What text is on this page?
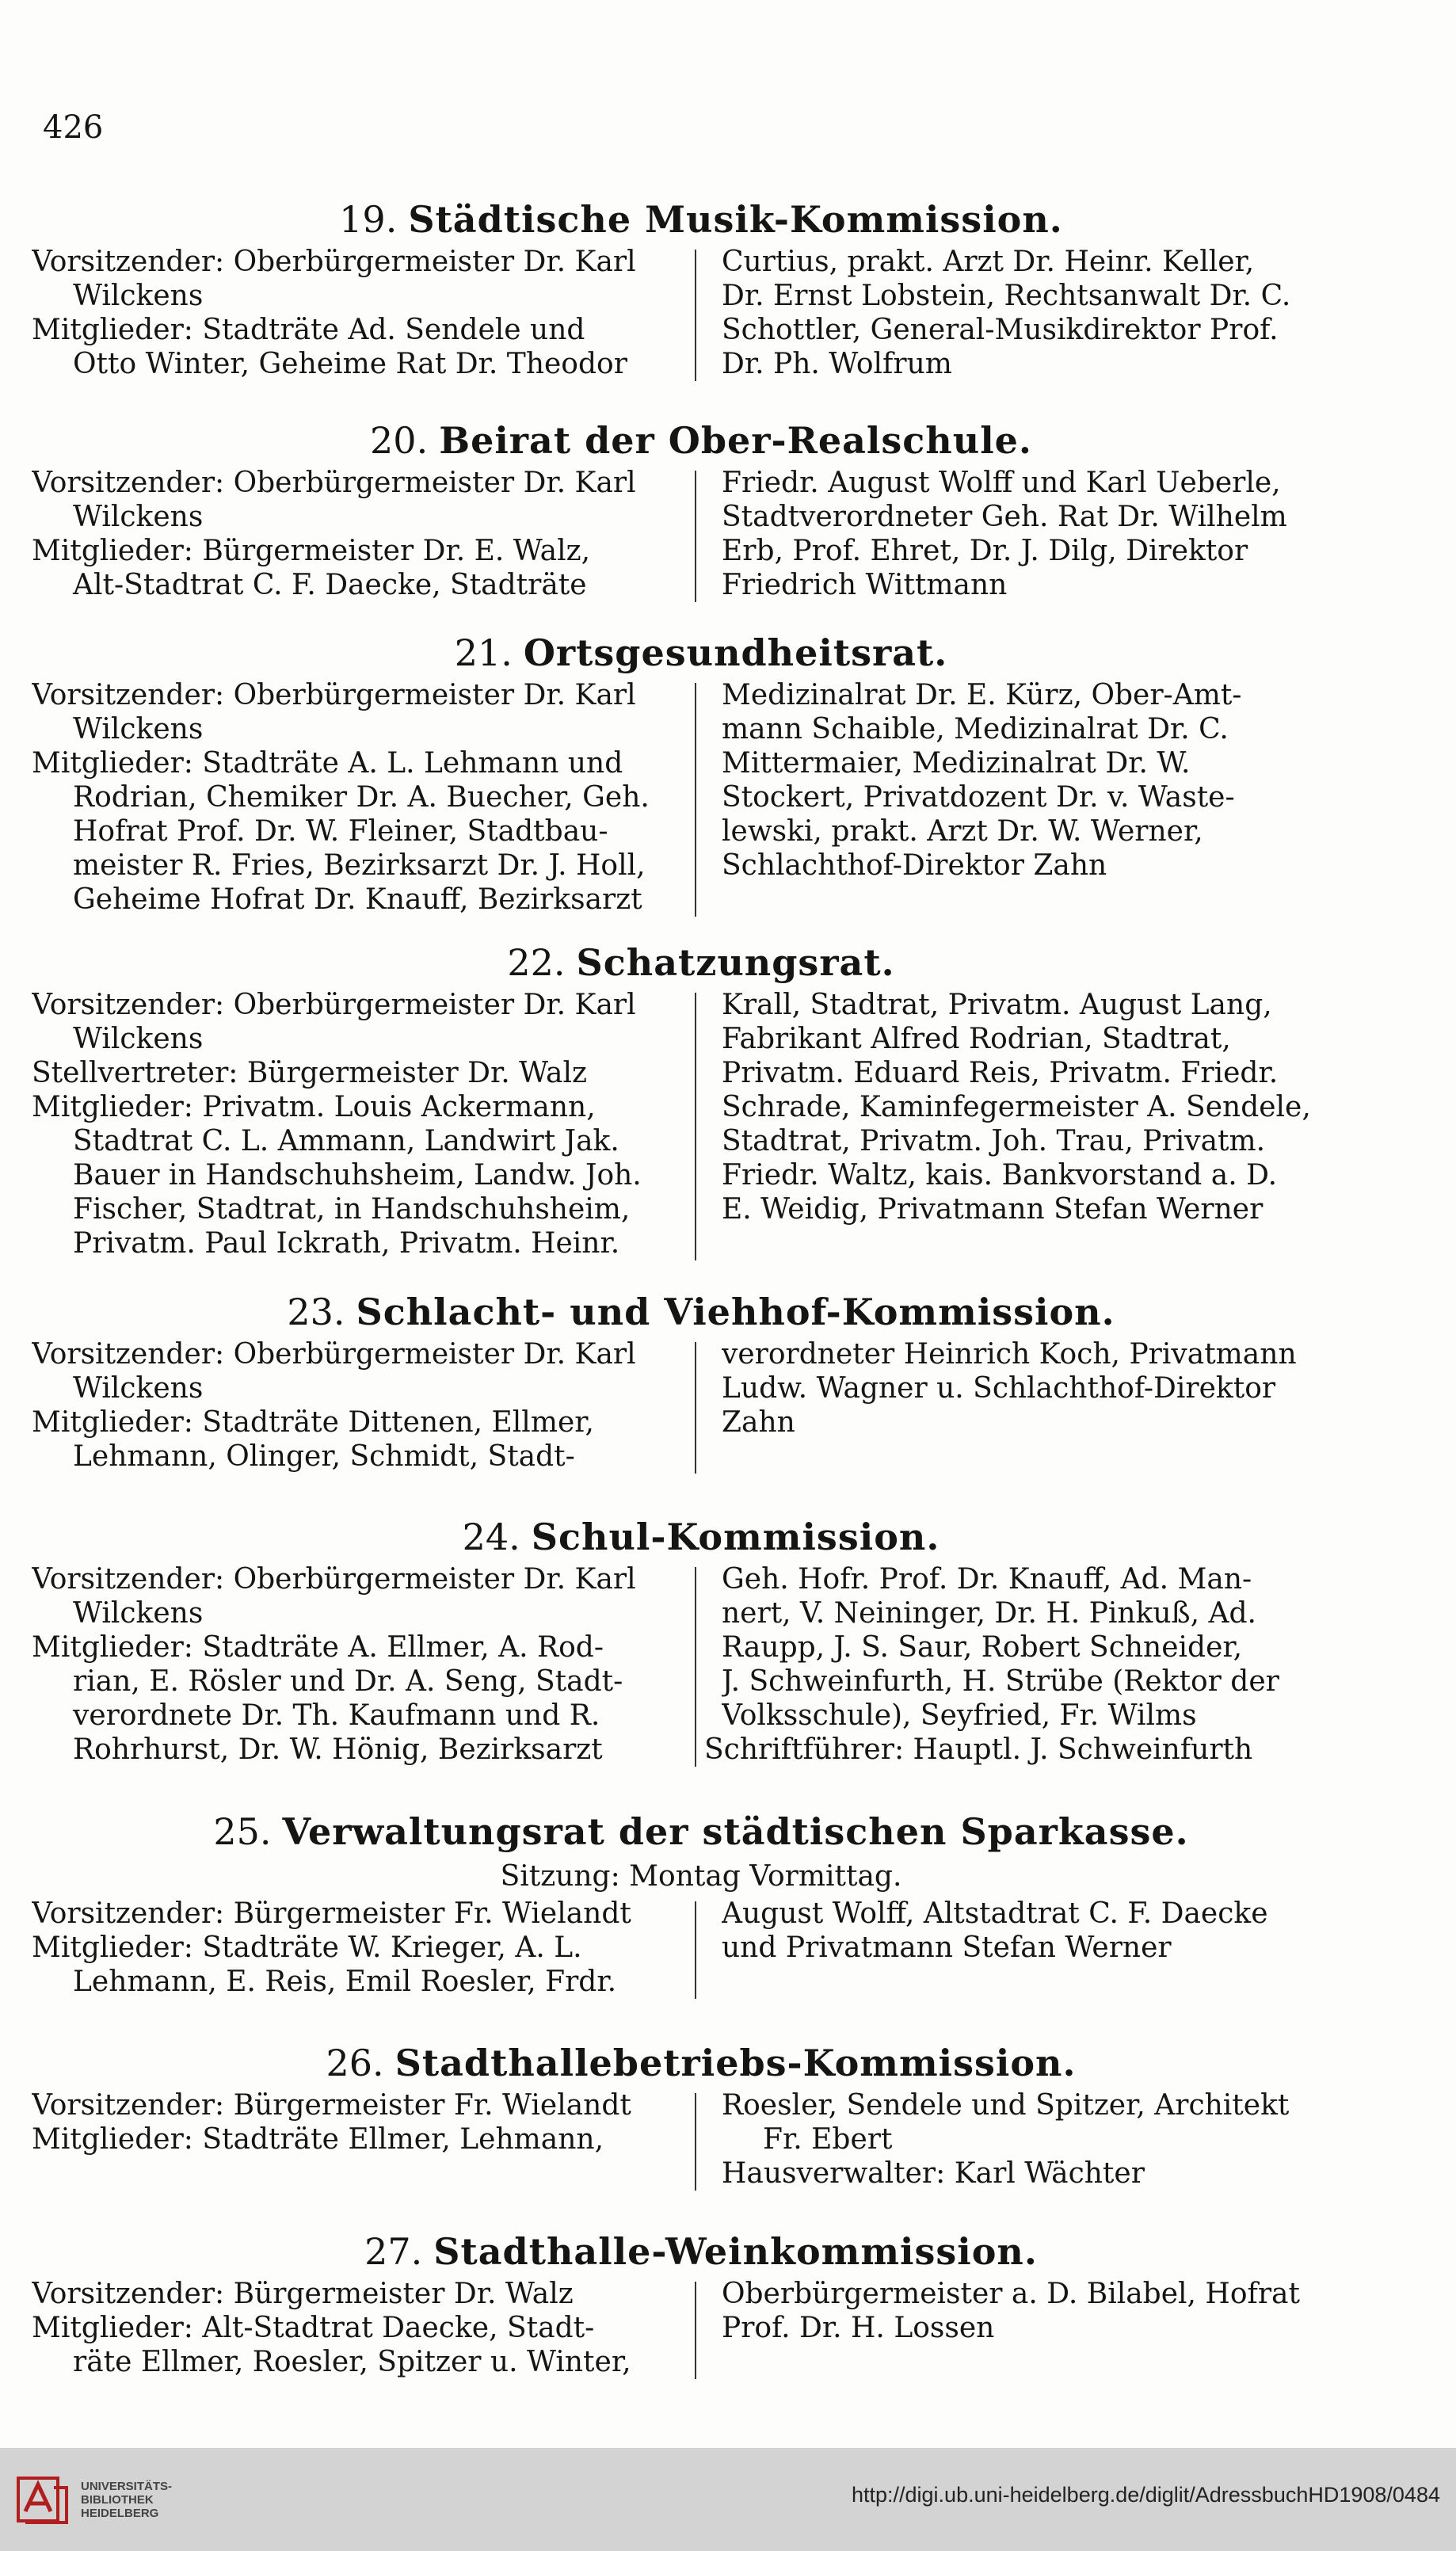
426
19. Städtische Musik-Kommission.
Vorsitzender: Oberbürgermeister Dr. Karl
Wilckens
Mitglieder: Stadträte Ad. Sendele und
Otto Winter, Geheime Rat Dr. Theodor
Curtius, prakt. Arzt Dr. Heinr. Keller,
Dr. Ernst Lobstein, Rechtsanwalt Dr. C.
Schottler, General-Musikdirektor Prof.
Dr. Ph. Wolfrum
20. Beirat der Ober-Realschule.
Vorsitzender: Oberbürgermeister Dr. Karl
Wilckens
Mitglieder: Bürgermeister Dr. E. Walz,
Alt-Stadtrat C. F. Daecke, Stadträte
Friedr. August Wolff und Karl Ueberle,
Stadtverordneter Geh. Rat Dr. Wilhelm
Erb, Prof. Ehret, Dr. J. Dilg, Direktor
Friedrich Wittmann
21. Ortsgesundheitsrat.
Vorsitzender: Oberbürgermeister Dr. Karl
Wilckens
Mitglieder: Stadträte A. L. Lehmann und
Rodrian, Chemiker Dr. A. Buecher, Geh.
Hofrat Prof. Dr. W. Fleiner, Stadtbau-
meister R. Fries, Bezirksarzt Dr. J. Holl,
Geheime Hofrat Dr. Knauff, Bezirksarzt
Medizinalrat Dr. E. Kürz, Ober-Amt-
mann Schaible, Medizinalrat Dr. C.
Mittermaier, Medizinalrat Dr. W.
Stockert, Privatdozent Dr. v. Waste-
lewski, prakt. Arzt Dr. W. Werner,
Schlachthof-Direktor Zahn
22. Schatzungsrat.
Vorsitzender: Oberbürgermeister Dr. Karl
Wilckens
Stellvertreter: Bürgermeister Dr. Walz
Mitglieder: Privatm. Louis Ackermann,
Stadtrat C. L. Ammann, Landwirt Jak.
Bauer in Handschuhsheim, Landw. Joh.
Fischer, Stadtrat, in Handschuhsheim,
Privatm. Paul Ickrath, Privatm. Heinr.
Krall, Stadtrat, Privatm. August Lang,
Fabrikant Alfred Rodrian, Stadtrat,
Privatm. Eduard Reis, Privatm. Friedr.
Schrade, Kaminfegermeister A. Sendele,
Stadtrat, Privatm. Joh. Trau, Privatm.
Friedr. Waltz, kais. Bankvorstand a. D.
E. Weidig, Privatmann Stefan Werner
23. Schlacht- und Viehhof-Kommission.
Vorsitzender: Oberbürgermeister Dr. Karl
Wilckens
Mitglieder: Stadträte Dittenen, Ellmer,
Lehmann, Olinger, Schmidt, Stadt-
verordneter Heinrich Koch, Privatmann
Ludw. Wagner u. Schlachthof-Direktor
Zahn
24. Schul-Kommission.
Vorsitzender: Oberbürgermeister Dr. Karl
Wilckens
Mitglieder: Stadträte A. Ellmer, A. Rod-
rian, E. Rösler und Dr. A. Seng, Stadt-
verordnete Dr. Th. Kaufmann und R.
Rohrhurst, Dr. W. Hönig, Bezirksarzt
Geh. Hofr. Prof. Dr. Knauff, Ad. Man-
nert, V. Neininger, Dr. H. Pinkuß, Ad.
Raupp, J. S. Saur, Robert Schneider,
J. Schweinfurth, H. Strübe (Rektor der
Volksschule), Seyfried, Fr. Wilms
Schriftführer: Hauptl. J. Schweinfurth
25. Verwaltungsrat der städtischen Sparkasse.
Sitzung: Montag Vormittag.
Vorsitzender: Bürgermeister Fr. Wielandt
Mitglieder: Stadträte W. Krieger, A. L.
Lehmann, E. Reis, Emil Roesler, Frdr.
August Wolff, Altstadtrat C. F. Daecke
und Privatmann Stefan Werner
26. Stadthallebetriebs-Kommission.
Vorsitzender: Bürgermeister Fr. Wielandt
Mitglieder: Stadträte Ellmer, Lehmann,
Roesler, Sendele und Spitzer, Architekt
Fr. Ebert
Hausverwalter: Karl Wächter
27. Stadthalle-Weinkommission.
Vorsitzender: Bürgermeister Dr. Walz
Mitglieder: Alt-Stadtrat Daecke, Stadt-
räte Ellmer, Roesler, Spitzer u. Winter,
Oberbürgermeister a. D. Bilabel, Hofrat
Prof. Dr. H. Lossen
UNIVERSITÄTS-
BIBLIOTHEK
HEIDELBERG
http://digi.ub.uni-heidelberg.de/diglit/AdressbuchHD1908/0484
